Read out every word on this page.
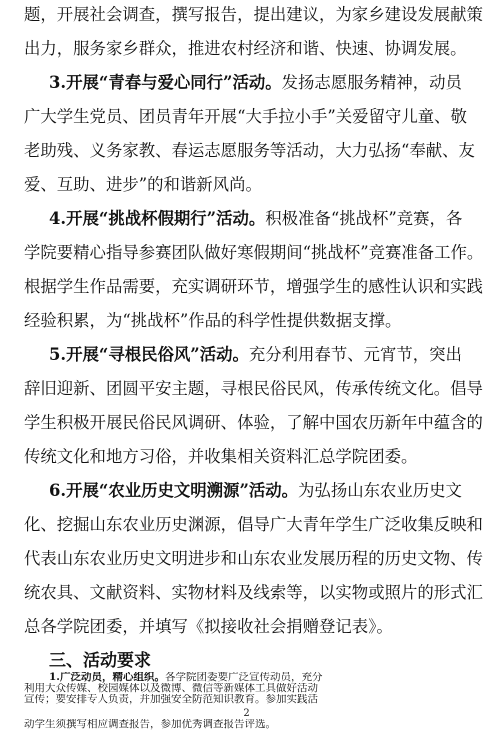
题，开展社会调查，撰写报告，提出建议，为家乡建设发展献策
出力，服务家乡群众，推进农村经济和谐、快速、协调发展。
3.开展“青春与爱心同行”活动。发扬志愿服务精神，动员
广大学生党员、团员青年开展“大手拉小手”关爱留守儿童、敬
老助残、义务家教、春运志愿服务等活动，大力弘扬“奉献、友
爱、互助、进步”的和谐新风尚。
4.开展“挑战杯假期行”活动。积极准备“挑战杯”竞赛，各
学院要精心指导参赛团队做好寒假期间“挑战杯”竞赛准备工作。
根据学生作品需要，充实调研环节，增强学生的感性认识和实践
经验积累，为“挑战杯”作品的科学性提供数据支撑。
5.开展“寻根民俗风”活动。充分利用春节、元宵节，突出
辞旧迎新、团圆平安主题，寻根民俗民风，传承传统文化。倡导
学生积极开展民俗民风调研、体验，了解中国农历新年中蕴含的
传统文化和地方习俗，并收集相关资料汇总学院团委。
6.开展“农业历史文明溯源”活动。为弘扬山东农业历史文
化、挖掘山东农业历史渊源，倡导广大青年学生广泛收集反映和
代表山东农业历史文明进步和山东农业发展历程的历史文物、传
统农具、文献资料、实物材料及线索等，以实物或照片的形式汇
总各学院团委，并填写《拟接收社会捐赠登记表》。
三、活动要求
1.广泛动员，精心组织。各学院团委要广泛宣传动员，充分
利用大众传媒、校园媒体以及微博、微信等新媒体工具做好活动
宣传；要安排专人负责，并加强安全防范知识教育。参加实践活
动学生须撰写相应调查报告，参加优秀调查报告评选。
2
